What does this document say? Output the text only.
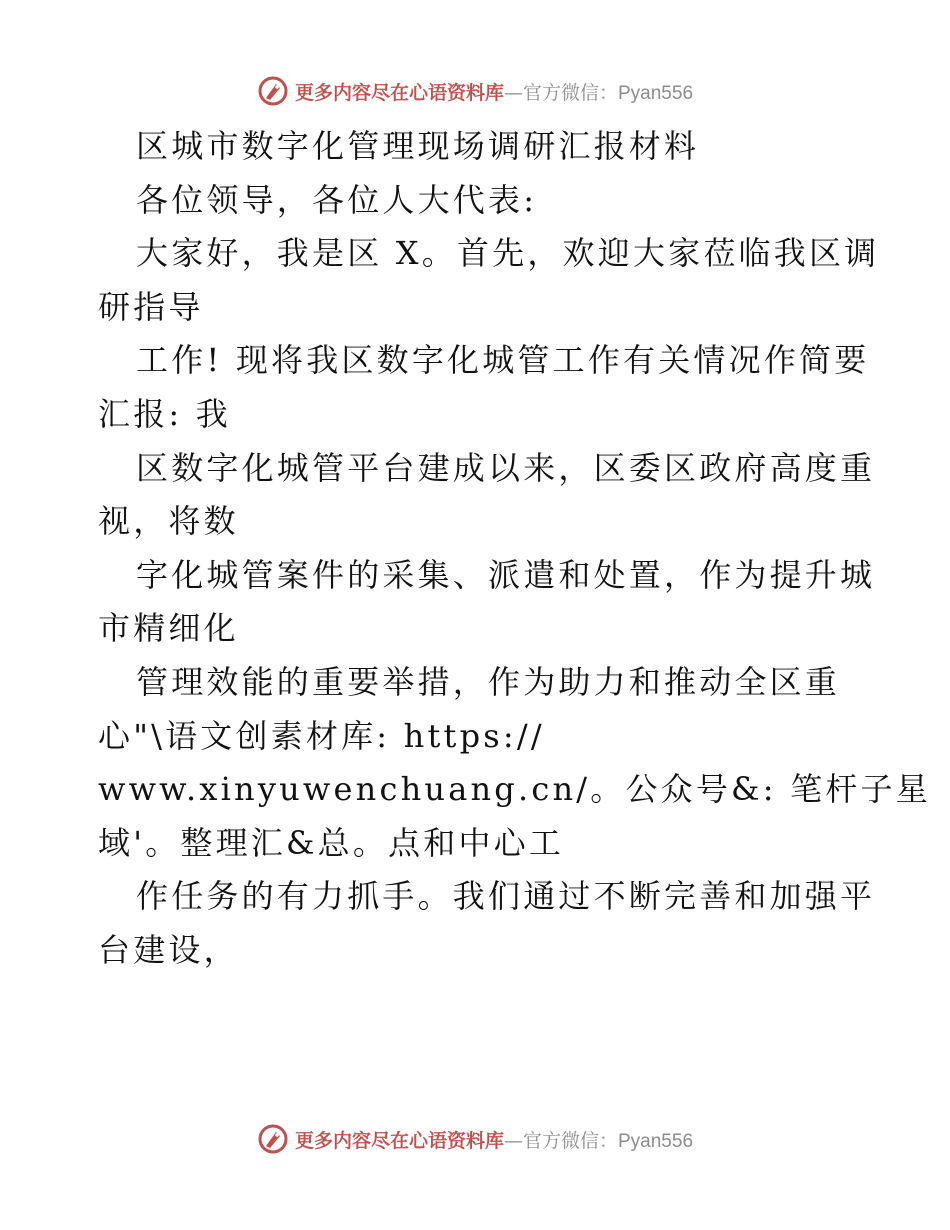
更多内容尽在心语资料库—官方微信：Pyan556
区城市数字化管理现场调研汇报材料
各位领导，各位人大代表:
大家好，我是区 X。首先，欢迎大家莅临我区调
研指导
工作! 现将我区数字化城管工作有关情况作简要
汇报: 我
区数字化城管平台建成以来，区委区政府高度重
视，将数
字化城管案件的采集、派遣和处置，作为提升城
市精细化
管理效能的重要举措，作为助力和推动全区重
心"\语文创素材库: https://
www.xinyuwenchuang.cn/。公众号&: 笔杆子星
域'。整理汇&总。点和中心工
作任务的有力抓手。我们通过不断完善和加强平
台建设，
更多内容尽在心语资料库—官方微信：Pyan556
